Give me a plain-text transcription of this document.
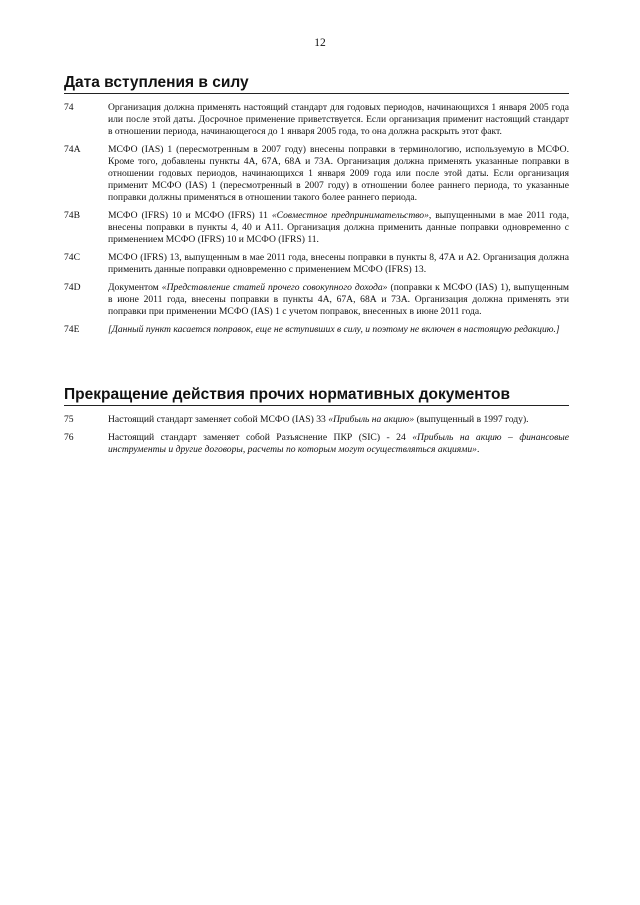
12
Дата вступления в силу
74	Организация должна применять настоящий стандарт для годовых периодов, начинающихся 1 января 2005 года или после этой даты. Досрочное применение приветствуется. Если организация применит настоящий стандарт в отношении периода, начинающегося до 1 января 2005 года, то она должна раскрыть этот факт.
74A	МСФО (IAS) 1 (пересмотренным в 2007 году) внесены поправки в терминологию, используемую в МСФО. Кроме того, добавлены пункты 4А, 67А, 68А и 73А. Организация должна применять указанные поправки в отношении годовых периодов, начинающихся 1 января 2009 года или после этой даты. Если организация применит МСФО (IAS) 1 (пересмотренный в 2007 году) в отношении более раннего периода, то указанные поправки должны применяться в отношении такого более раннего периода.
74B	МСФО (IFRS) 10 и МСФО (IFRS) 11 «Совместное предпринимательство», выпущенными в мае 2011 года, внесены поправки в пункты 4, 40 и А11. Организация должна применить данные поправки одновременно с применением МСФО (IFRS) 10 и МСФО (IFRS) 11.
74C	МСФО (IFRS) 13, выпущенным в мае 2011 года, внесены поправки в пункты 8, 47А и А2. Организация должна применить данные поправки одновременно с применением МСФО (IFRS) 13.
74D	Документом «Представление статей прочего совокупного дохода» (поправки к МСФО (IAS) 1), выпущенным в июне 2011 года, внесены поправки в пункты 4А, 67А, 68А и 73А. Организация должна применять эти поправки при применении МСФО (IAS) 1 с учетом поправок, внесенных в июне 2011 года.
74E	[Данный пункт касается поправок, еще не вступивших в силу, и поэтому не включен в настоящую редакцию.]
Прекращение действия прочих нормативных документов
75	Настоящий стандарт заменяет собой МСФО (IAS) 33 «Прибыль на акцию» (выпущенный в 1997 году).
76	Настоящий стандарт заменяет собой Разъяснение ПКР (SIC) - 24 «Прибыль на акцию – финансовые инструменты и другие договоры, расчеты по которым могут осуществляться акциями».
